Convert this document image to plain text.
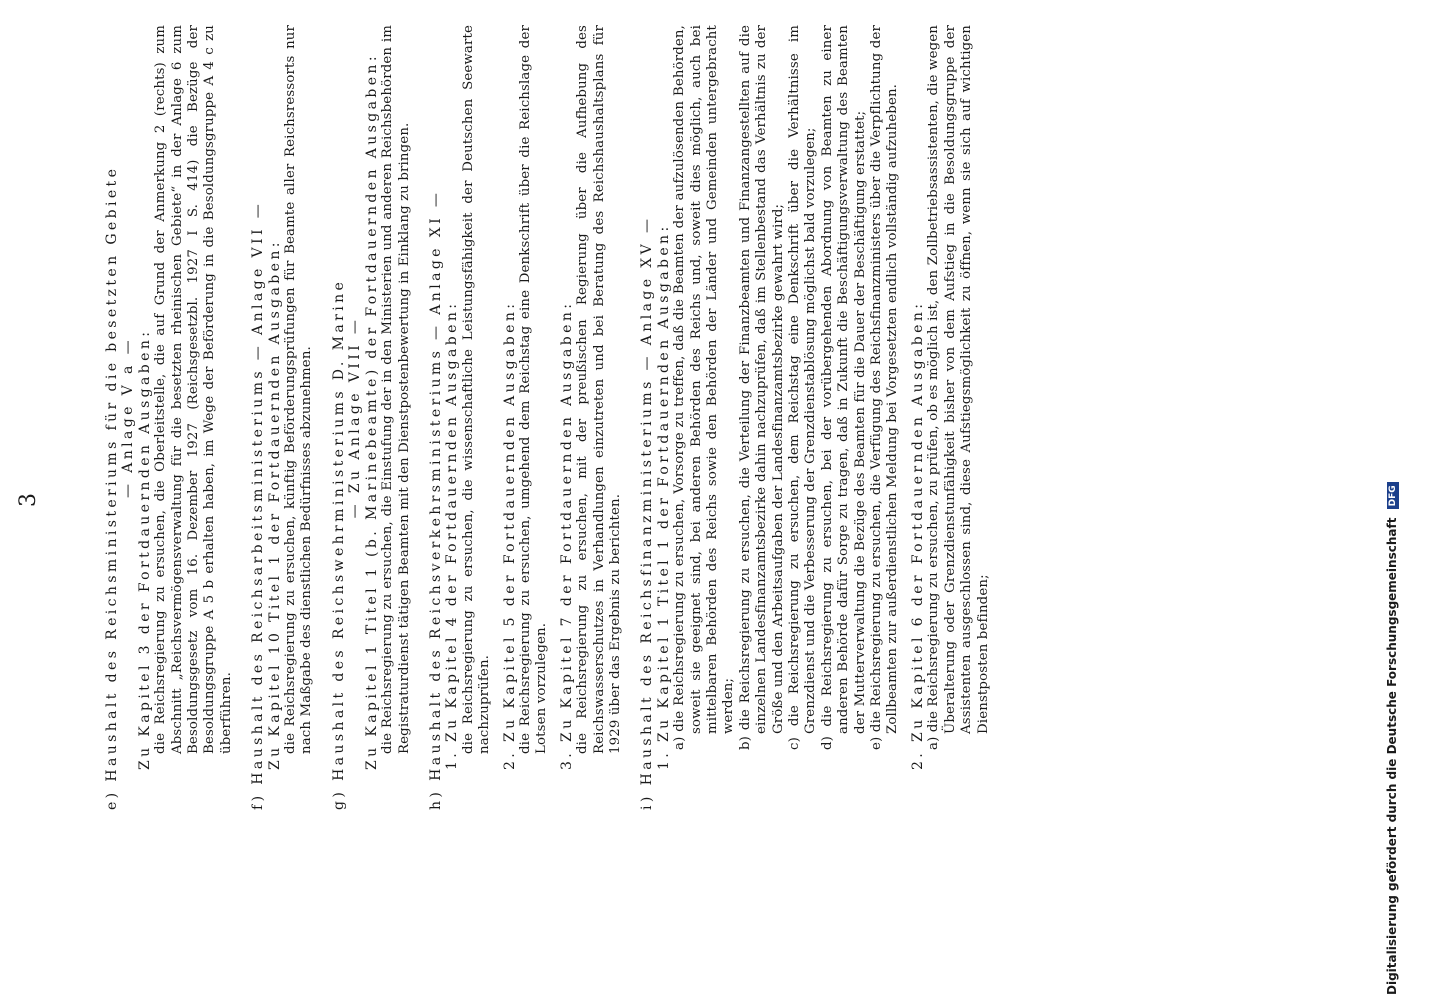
3	e) Haushalt des Reichsministeriums für die besetzten Gebiete — Anlage V a — Zu Kapitel 3 der Fortdauernden Ausgaben: die Reichsregierung zu ersuchen, die Oberleitstelle, die auf Grund der Anmerkung 2 (rechts) zum Abschnitt „Reichsvermögensverwaltung für die besetzten rheinischen Gebiete“ in der Anlage 6 zum Besoldungsgesetz vom 16. Dezember 1927 (Reichsgesetzbl. 1927 I S. 414) die Bezüge der Besoldungsgruppe A 5 b erhalten haben, im Wege der Beförderung in die Besoldungsgruppe A 4 c zu überführen. f) Haushalt des Reichsarbeitsministeriums — Anlage VII — Zu Kapitel 10 Titel 1 der Fortdauernden Ausgaben: die Reichsregierung zu ersuchen, künftig Beförderungsprüfungen für Beamte aller Reichsressorts nur nach Maßgabe des dienstlichen Bedürfnisses abzunehmen. g) Haushalt des Reichswehrministeriums D. Marine — Zu Anlage VIII — Zu Kapitel 1 Titel 1 (b. Marinebeamte) der Fortdauernden Ausgaben: die Reichsregierung zu ersuchen, die Einstufung der in den Ministerien und anderen Reichsbehörden im Registraturdienst tätigen Beamten mit den Dienstpostenbewertung in Einklang zu bringen. h) Haushalt des Reichsverkehrsministeriums — Anlage XI — 1. Zu Kapitel 4 der Fortdauernden Ausgaben: die Reichsregierung zu ersuchen, die wissenschaftliche Leistungsfähigkeit der Deutschen Seewarte nachzuprüfen. 2. Zu Kapitel 5 der Fortdauernden Ausgaben: die Reichsregierung zu ersuchen, umgehend dem Reichstag eine Denkschrift über die Reichslage der Lotsen vorzulegen. 3. Zu Kapitel 7 der Fortdauernden Ausgaben: die Reichsregierung zu ersuchen, mit der preußischen Regierung über die Aufhebung des Reichswasserschutzes in Verhandlungen einzutreten und bei Beratung des Reichshaushaltsplans für 1929 über das Ergebnis zu berichten. i) Haushalt des Reichsfinanzministeriums — Anlage XV — 1. Zu Kapitel 1 Titel 1 der Fortdauernden Ausgaben: a) die Reichsregierung zu ersuchen, Vorsorge zu treffen, daß die Beamten der aufzulösenden Behörden, soweit sie geeignet sind, bei anderen Behörden des Reichs und, soweit dies möglich, auch bei mittelbaren Behörden des Reichs sowie den Behörden der Länder und Gemeinden untergebracht werden; b) die Reichsregierung zu ersuchen, die Verteilung der Finanzbeamten und Finanzangestellten auf die einzelnen Landesfinanzamtsbezirke dahin nachzuprüfen, daß im Stellenbestand das Verhältnis zu der Größe und den Arbeitsaufgaben der Landesfinanzamtsbezirke gewahrt wird; c) die Reichsregierung zu ersuchen, dem Reichstag eine Denkschrift über die Verhältnisse im Grenzdienst und die Verbesserung der Grenzdienstablösung möglichst bald vorzulegen; d) die Reichsregierung zu ersuchen, bei der vorübergehenden Abordnung von Beamten zu einer anderen Behörde dafür Sorge zu tragen, daß in Zukunft die Beschäftigungsverwaltung des Beamten der Mutterverwaltung die Bezüge des Beamten für die Dauer der Beschäftigung erstattet; e) die Reichsregierung zu ersuchen, die Verfügung des Reichsfinanzministers über die Verpflichtung der Zollbeamten zur außerdienstlichen Meldung bei Vorgesetzten endlich vollständig aufzuheben. 2. Zu Kapitel 6 der Fortdauernden Ausgaben: a) die Reichsregierung zu ersuchen, zu prüfen, ob es möglich ist, den Zollbetriebsassistenten, die wegen Überalterung oder Grenzdienstunfähigkeit bisher von dem Aufstieg in die Besoldungsgruppe der Assistenten ausgeschlossen sind, diese Aufstiegsmöglichkeit zu öffnen, wenn sie sich auf wichtigen Dienstposten befinden;	Digitalisierung gefördert durch die Deutsche Forschungsgemeinschaft DFG
